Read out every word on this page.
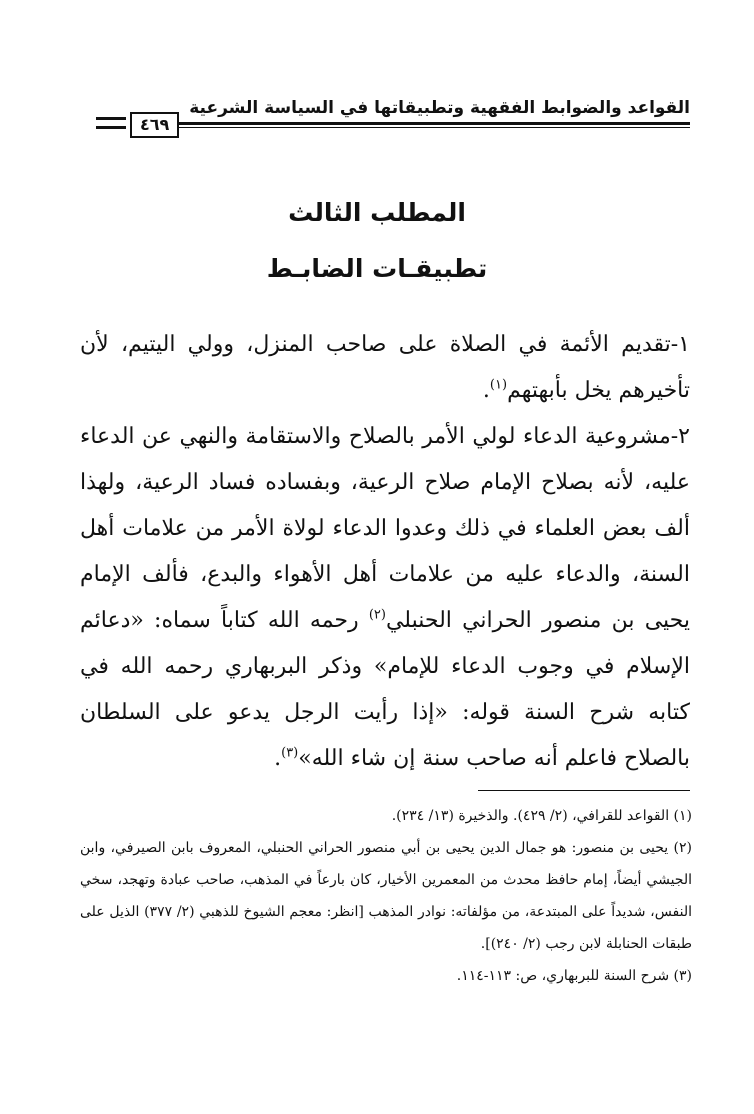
القواعد والضوابط الفقهية وتطبيقاتها في السياسة الشرعية
٤٦٩
المطلب الثالث
تطبيقـات الضابـط

١-تقديم الأئمة في الصلاة على صاحب المنزل، وولي اليتيم، لأن تأخيرهم يخل بأبهتهم$^{(١)}$.

٢-مشروعية الدعاء لولي الأمر بالصلاح والاستقامة والنهي عن الدعاء عليه، لأنه بصلاح الإمام صلاح الرعية، وبفساده فساد الرعية، ولهذا ألف بعض العلماء في ذلك وعدوا الدعاء لولاة الأمر من علامات أهل السنة، والدعاء عليه من علامات أهل الأهواء والبدع، فألف الإمام يحيى بن منصور الحراني الحنبلي$^{(٢)}$ رحمه الله كتاباً سماه: «دعائم الإسلام في وجوب الدعاء للإمام» وذكر البربهاري رحمه الله في كتابه شرح السنة قوله: «إذا رأيت الرجل يدعو على السلطان بالصلاح فاعلم أنه صاحب سنة إن شاء الله»$^{(٣)}$.

(١) القواعد للقرافي، (٢/ ٤٢٩). والذخيرة (١٣/ ٢٣٤).

(٢) يحيى بن منصور: هو جمال الدين يحيى بن أبي منصور الحراني الحنبلي، المعروف بابن الصيرفي، وابن الجيشي أيضاً، إمام حافظ محدث من المعمرين الأخيار، كان بارعاً في المذهب، صاحب عبادة وتهجد، سخي النفس، شديداً على المبتدعة، من مؤلفاته: نوادر المذهب [انظر: معجم الشيوخ للذهبي (٢/ ٣٧٧) الذيل على طبقات الحنابلة لابن رجب (٢/ ٢٤٠)].

(٣) شرح السنة للبربهاري، ص: ١١٣-١١٤.
